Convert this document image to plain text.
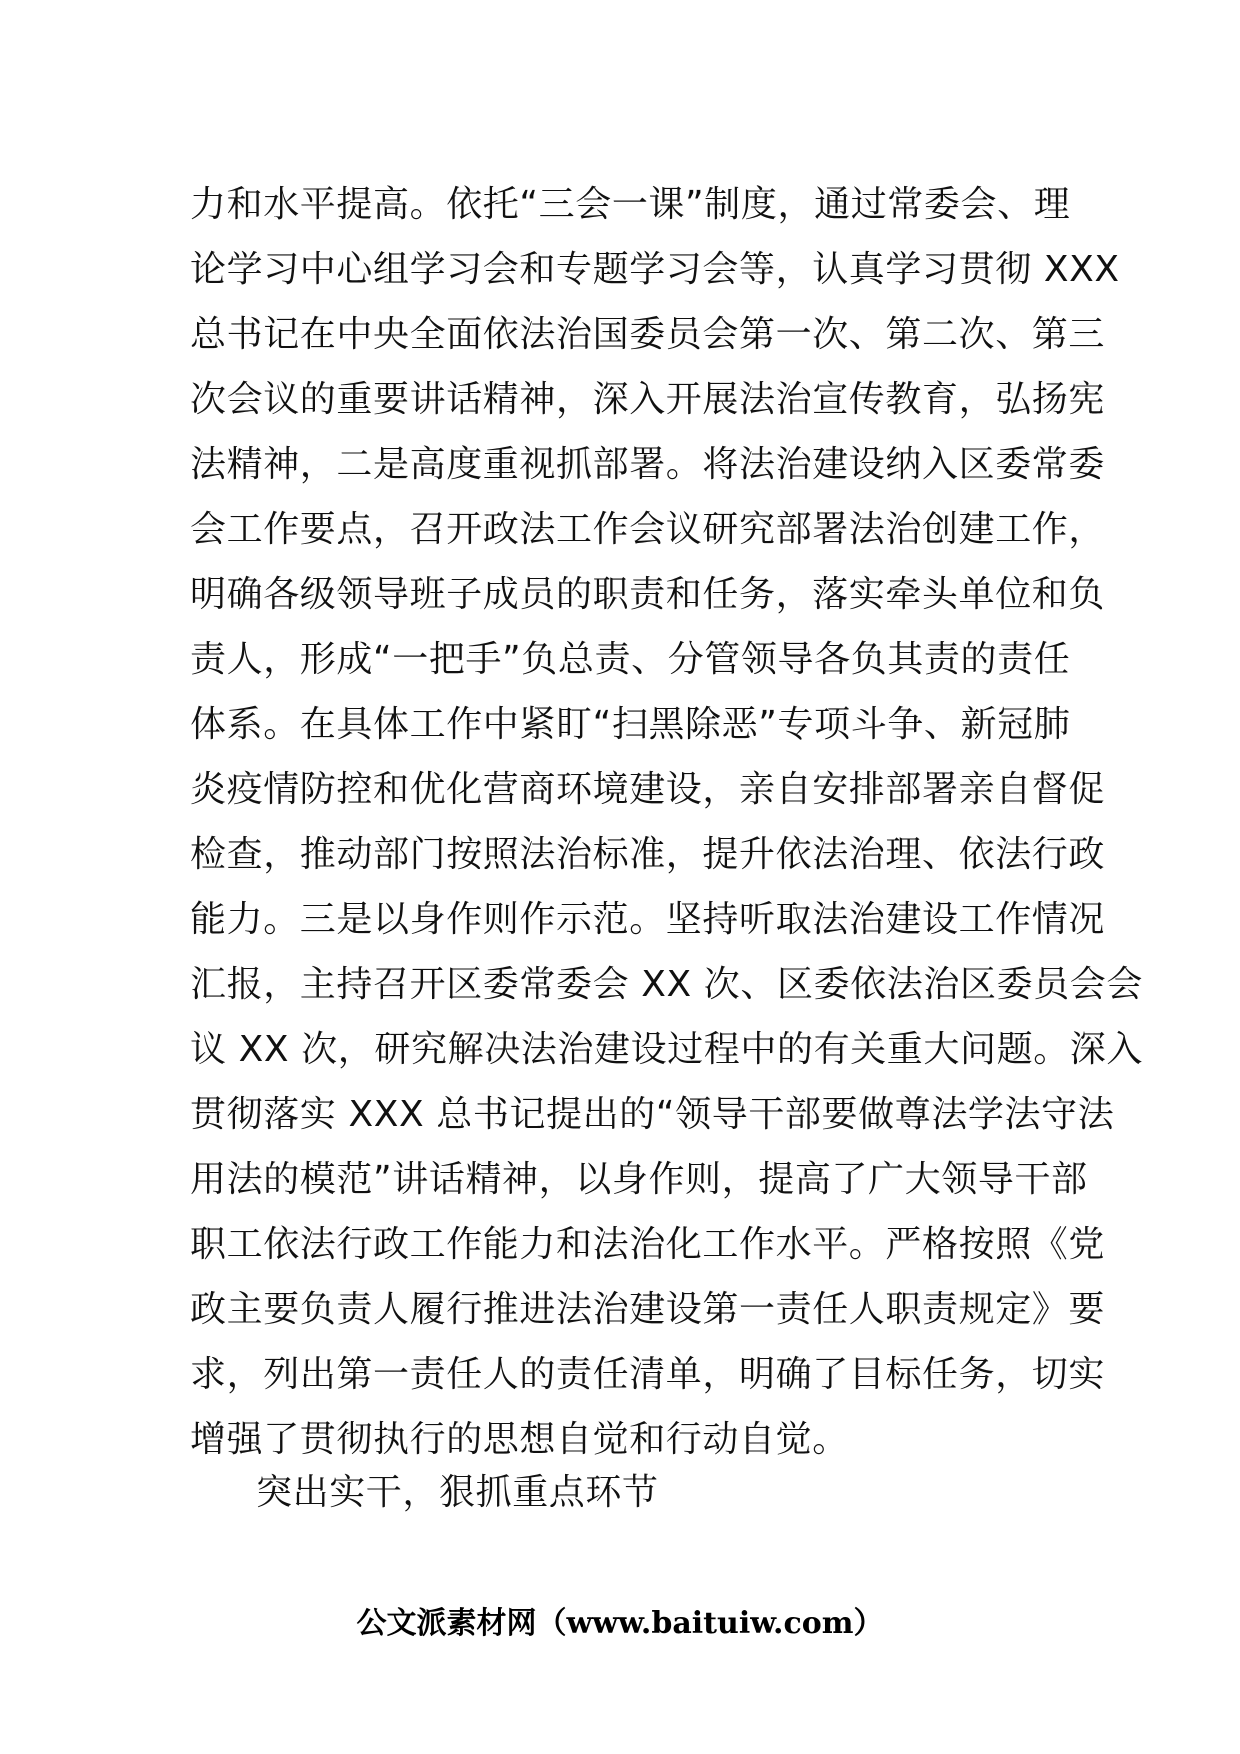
力和水平提高。依托“三会一课”制度，通过常委会、理
论学习中心组学习会和专题学习会等，认真学习贯彻 XXX
总书记在中央全面依法治国委员会第一次、第二次、第三
次会议的重要讲话精神，深入开展法治宣传教育，弘扬宪
法精神，二是高度重视抓部署。将法治建设纳入区委常委
会工作要点，召开政法工作会议研究部署法治创建工作，
明确各级领导班子成员的职责和任务，落实牵头单位和负
责人，形成“一把手”负总责、分管领导各负其责的责任
体系。在具体工作中紧盯“扫黑除恶”专项斗争、新冠肺
炎疫情防控和优化营商环境建设，亲自安排部署亲自督促
检查，推动部门按照法治标准，提升依法治理、依法行政
能力。三是以身作则作示范。坚持听取法治建设工作情况
汇报，主持召开区委常委会 XX 次、区委依法治区委员会会
议 XX 次，研究解决法治建设过程中的有关重大问题。深入
贯彻落实 XXX 总书记提出的“领导干部要做尊法学法守法
用法的模范”讲话精神，以身作则，提高了广大领导干部
职工依法行政工作能力和法治化工作水平。严格按照《党
政主要负责人履行推进法治建设第一责任人职责规定》要
求，列出第一责任人的责任清单，明确了目标任务，切实
增强了贯彻执行的思想自觉和行动自觉。
突出实干，狠抓重点环节
公文派素材网（www.baituiw.com）
